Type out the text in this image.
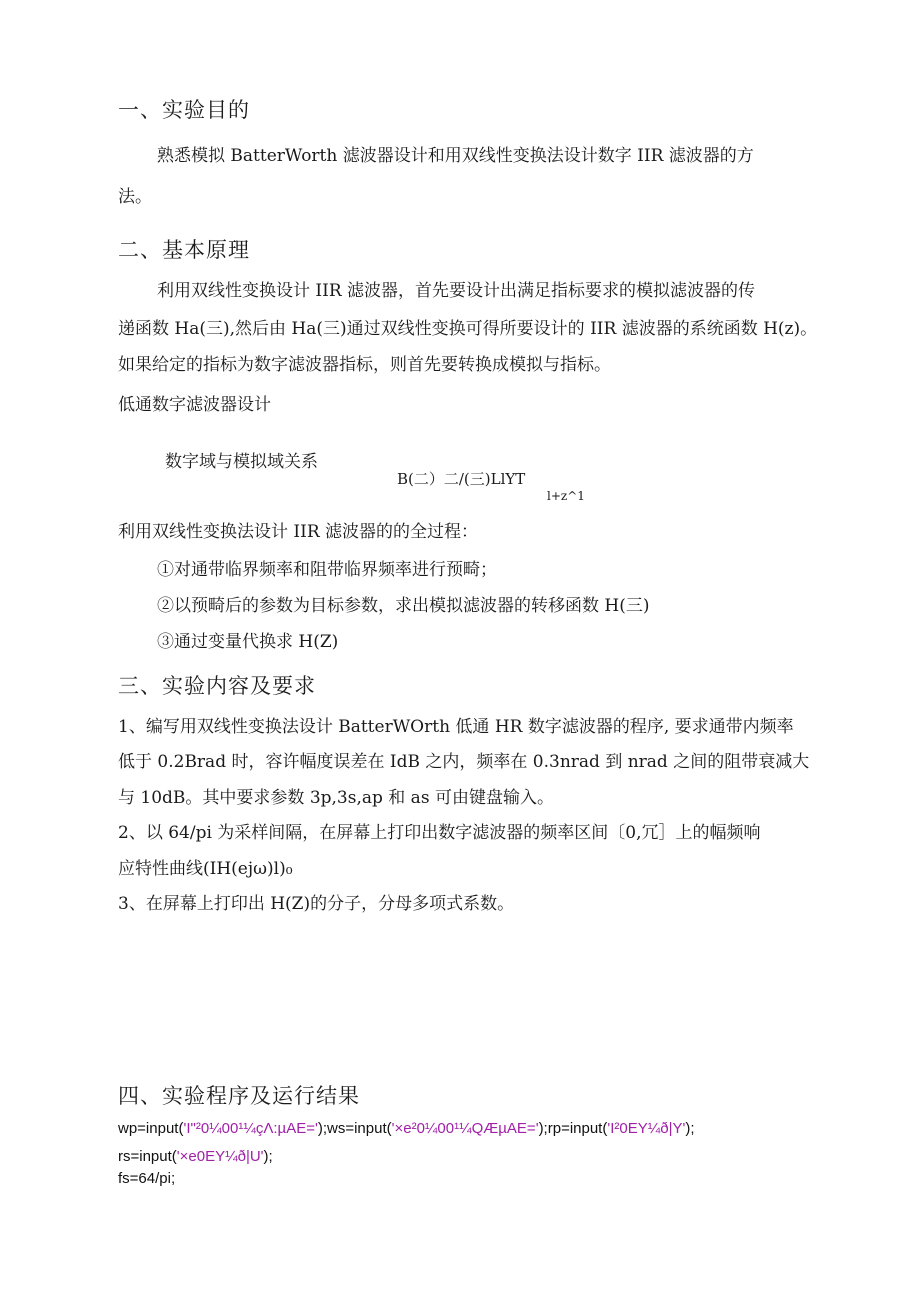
一、实验目的
熟悉模拟 BatterWorth 滤波器设计和用双线性变换法设计数字 IIR 滤波器的方
法。
二、基本原理
利用双线性变换设计 IIR 滤波器，首先要设计出满足指标要求的模拟滤波器的传
递函数 Ha(三),然后由 Ha(三)通过双线性变换可得所要设计的 IIR 滤波器的系统函数 H(z)。
如果给定的指标为数字滤波器指标，则首先要转换成模拟与指标。
低通数字滤波器设计
数字域与模拟域关系
B(二）二/(三)LlYT
l+z^1
利用双线性变换法设计 IIR 滤波器的的全过程：
①对通带临界频率和阻带临界频率进行预畸；
②以预畸后的参数为目标参数，求出模拟滤波器的转移函数 H(三)
③通过变量代换求 H(Z)
三、实验内容及要求
1、编写用双线性变换法设计 BatterWOrth 低通 HR 数字滤波器的程序, 要求通带内频率
低于 0.2Brad 时，容许幅度误差在 IdB 之内，频率在 0.3nrad 到 nrad 之间的阻带衰减大
与 10dB。其中要求参数 3p,3s,ap 和 as 可由键盘输入。
2、以 64/pi 为采样间隔，在屏幕上打印出数字滤波器的频率区间〔0,冗］上的幅频响
应特性曲线(IH(ejω)l)₀
3、在屏幕上打印出 H(Z)的分子，分母多项式系数。
四、实验程序及运行结果
wp=input('I"²0¼00¹¼çΛ:µAE=');ws=input('×e²0¼00¹¼QÆµAE=');rp=input('I²0EY¼ð|Y');
rs=input('×e0EY¼ð|U');
fs=64/pi;
